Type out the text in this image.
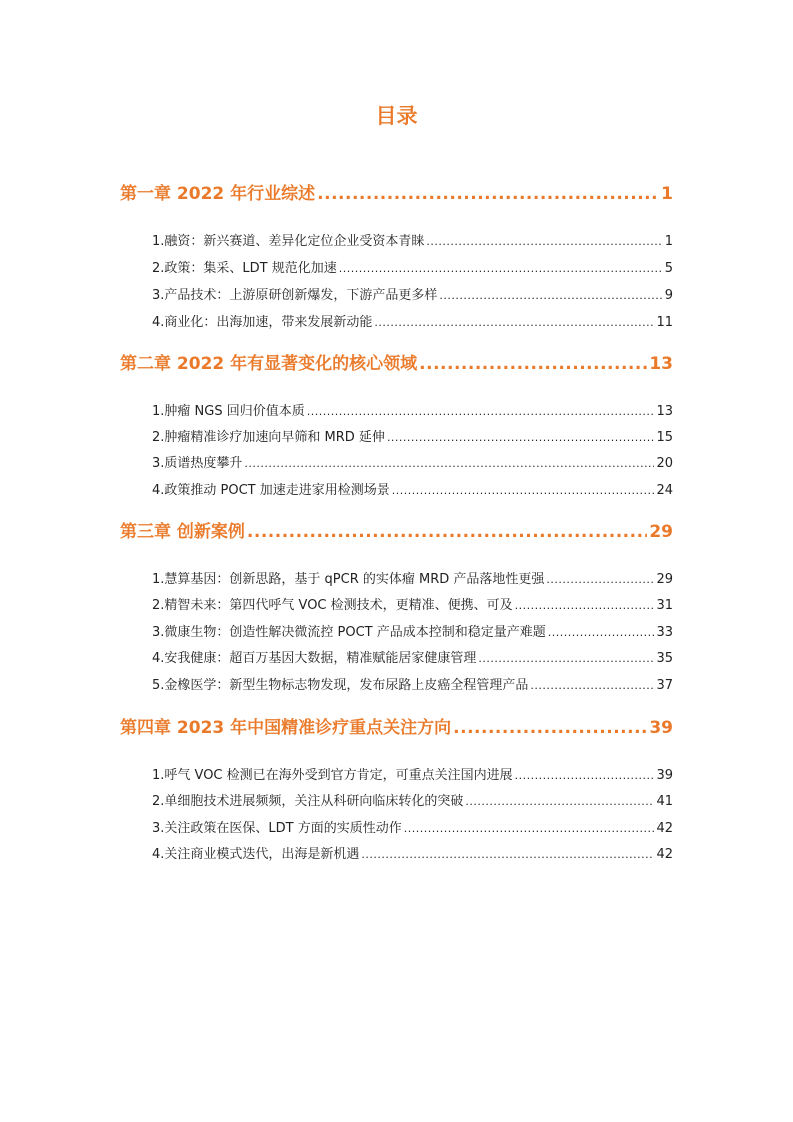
目录
第一章 2022 年行业综述 .....	1
1.融资：新兴赛道、差异化定位企业受资本青睐 .....	1
2.政策：集采、LDT 规范化加速 .....	5
3.产品技术：上游原研创新爆发，下游产品更多样 .....	9
4.商业化：出海加速，带来发展新动能 .....	11
第二章 2022 年有显著变化的核心领域 .....	13
1.肿瘤 NGS 回归价值本质 .....	13
2.肿瘤精准诊疗加速向早筛和 MRD 延伸 .....	15
3.质谱热度攀升 .....	20
4.政策推动 POCT 加速走进家用检测场景 .....	24
第三章 创新案例 .....	29
1.慧算基因：创新思路，基于 qPCR 的实体瘤 MRD 产品落地性更强 .....	29
2.精智未来：第四代呼气 VOC 检测技术，更精准、便携、可及 .....	31
3.微康生物：创造性解决微流控 POCT 产品成本控制和稳定量产难题 .....	33
4.安我健康：超百万基因大数据，精准赋能居家健康管理 .....	35
5.金橡医学：新型生物标志物发现，发布尿路上皮癌全程管理产品 .....	37
第四章 2023 年中国精准诊疗重点关注方向 .....	39
1.呼气 VOC 检测已在海外受到官方肯定，可重点关注国内进展 .....	39
2.单细胞技术进展频频，关注从科研向临床转化的突破 .....	41
3.关注政策在医保、LDT 方面的实质性动作 .....	42
4.关注商业模式迭代，出海是新机遇 .....	42
